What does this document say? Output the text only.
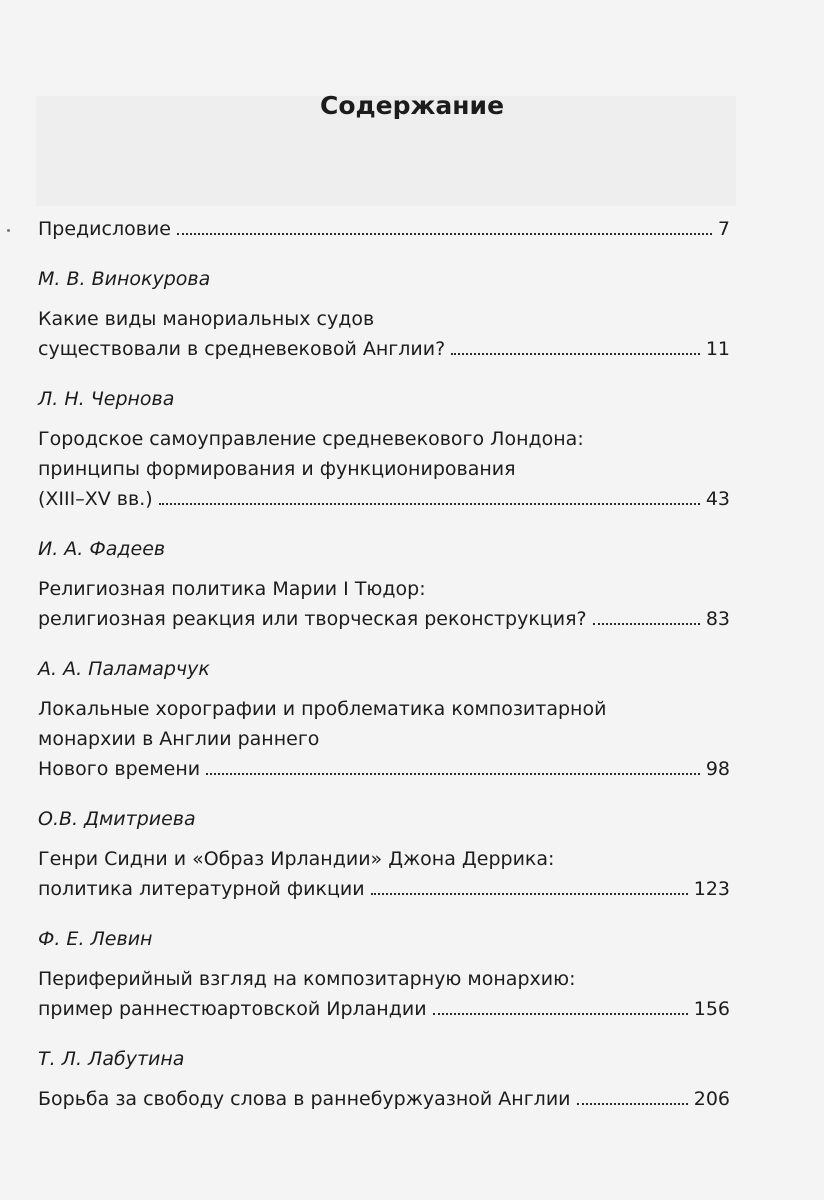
Содержание
Предисловие	7
М. В. Винокурова
Какие виды манориальных судов
существовали в средневековой Англии?	11
Л. Н. Чернова
Городское самоуправление средневекового Лондона:
принципы формирования и функционирования
(XIII–XV вв.)	43
И. А. Фадеев
Религиозная политика Марии I Тюдор:
религиозная реакция или творческая реконструкция?	83
А. А. Паламарчук
Локальные хорографии и проблематика композитарной
монархии в Англии раннего
Нового времени	98
О.В. Дмитриева
Генри Сидни и «Образ Ирландии» Джона Деррика:
политика литературной фикции	123
Ф. Е. Левин
Периферийный взгляд на композитарную монархию:
пример раннестюартовской Ирландии	156
Т. Л. Лабутина
Борьба за свободу слова в раннебуржуазной Англии	206
